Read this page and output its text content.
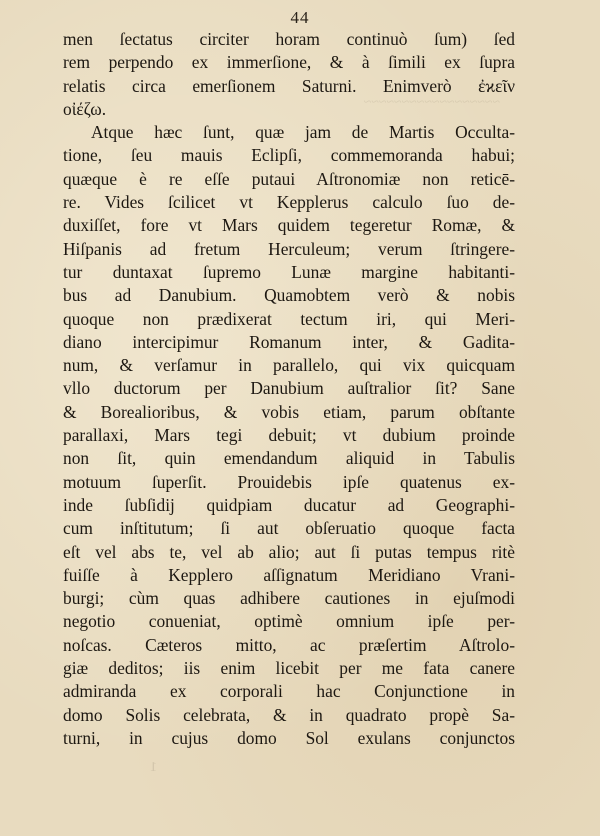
~~~~~~~~~~~~~~~~~~
1
44
men ſectatus circiter horam continuò ſum) ſed
rem perpendo ex immerſione, & à ſimili ex ſupra
relatis circa emerſionem Saturni. Enimverò ἐϰεῖν
οἰέζω.
Atque hæc ſunt, quæ jam de Martis Occulta-
tione, ſeu mauis Eclipſi, commemoranda habui;
quæque è re eſſe putaui Aſtronomiæ non reticē-
re. Vides ſcilicet vt Kepplerus calculo ſuo de-
duxiſſet, fore vt Mars quidem tegeretur Romæ, &
Hiſpanis ad fretum Herculeum; verum ſtringere-
tur duntaxat ſupremo Lunæ margine habitanti-
bus ad Danubium. Quamobtem verò & nobis
quoque non prædixerat tectum iri, qui Meri-
diano intercipimur Romanum inter, & Gadita-
num, & verſamur in parallelo, qui vix quicquam
vllo ductorum per Danubium auſtralior ſit? Sane
& Borealioribus, & vobis etiam, parum obſtante
parallaxi, Mars tegi debuit; vt dubium proinde
non ſit, quin emendandum aliquid in Tabulis
motuum ſuperſit. Prouidebis ipſe quatenus ex-
inde ſubſidij quidpiam ducatur ad Geographi-
cum inſtitutum; ſi aut obſeruatio quoque facta
eſt vel abs te, vel ab alio; aut ſi putas tempus ritè
fuiſſe à Kepplero aſſignatum Meridiano Vrani-
burgi; cùm quas adhibere cautiones in ejuſmodi
negotio conueniat, optimè omnium ipſe per-
noſcas. Cæteros mitto, ac præſertim Aſtrolo-
giæ deditos; iis enim licebit per me fata canere
admiranda ex corporali hac Conjunctione in
domo Solis celebrata, & in quadrato propè Sa-
turni, in cujus domo Sol exulans conjunctos
